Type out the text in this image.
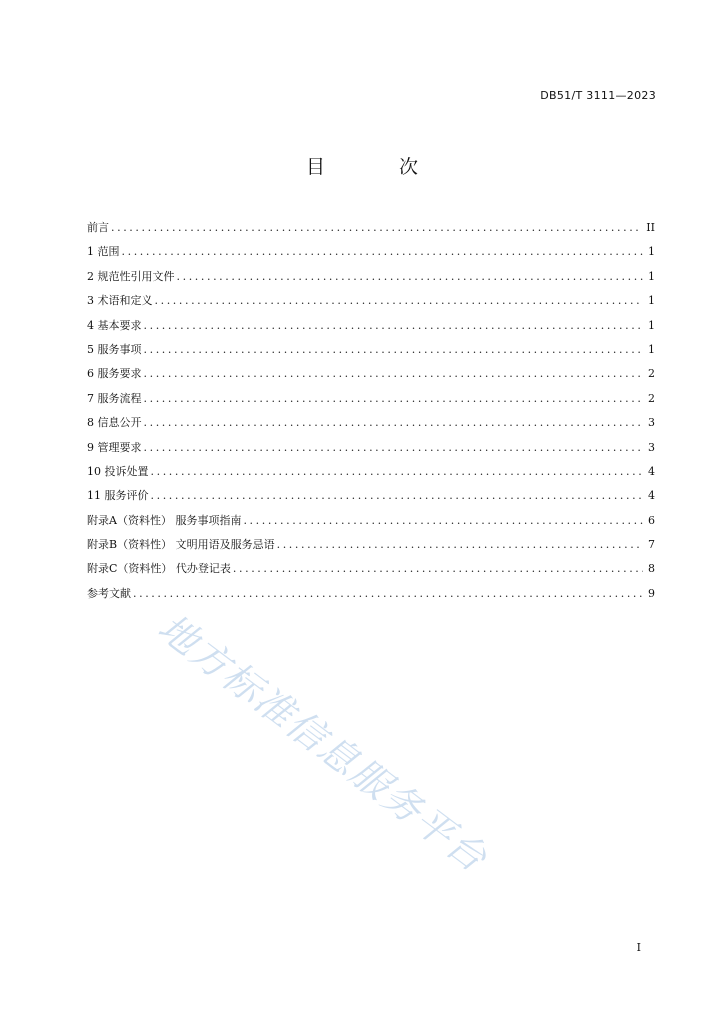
DB51/T 3111—2023
目 次
前言 .....	II
1 范围 .....	1
2 规范性引用文件 .....	1
3 术语和定义 .....	1
4 基本要求 .....	1
5 服务事项 .....	1
6 服务要求 .....	2
7 服务流程 .....	2
8 信息公开 .....	3
9 管理要求 .....	3
10 投诉处置 .....	4
11 服务评价 .....	4
附录A（资料性） 服务事项指南 .....	6
附录B（资料性） 文明用语及服务忌语 .....	7
附录C（资料性） 代办登记表 .....	8
参考文献 .....	9
地方标准信息服务平台
I
